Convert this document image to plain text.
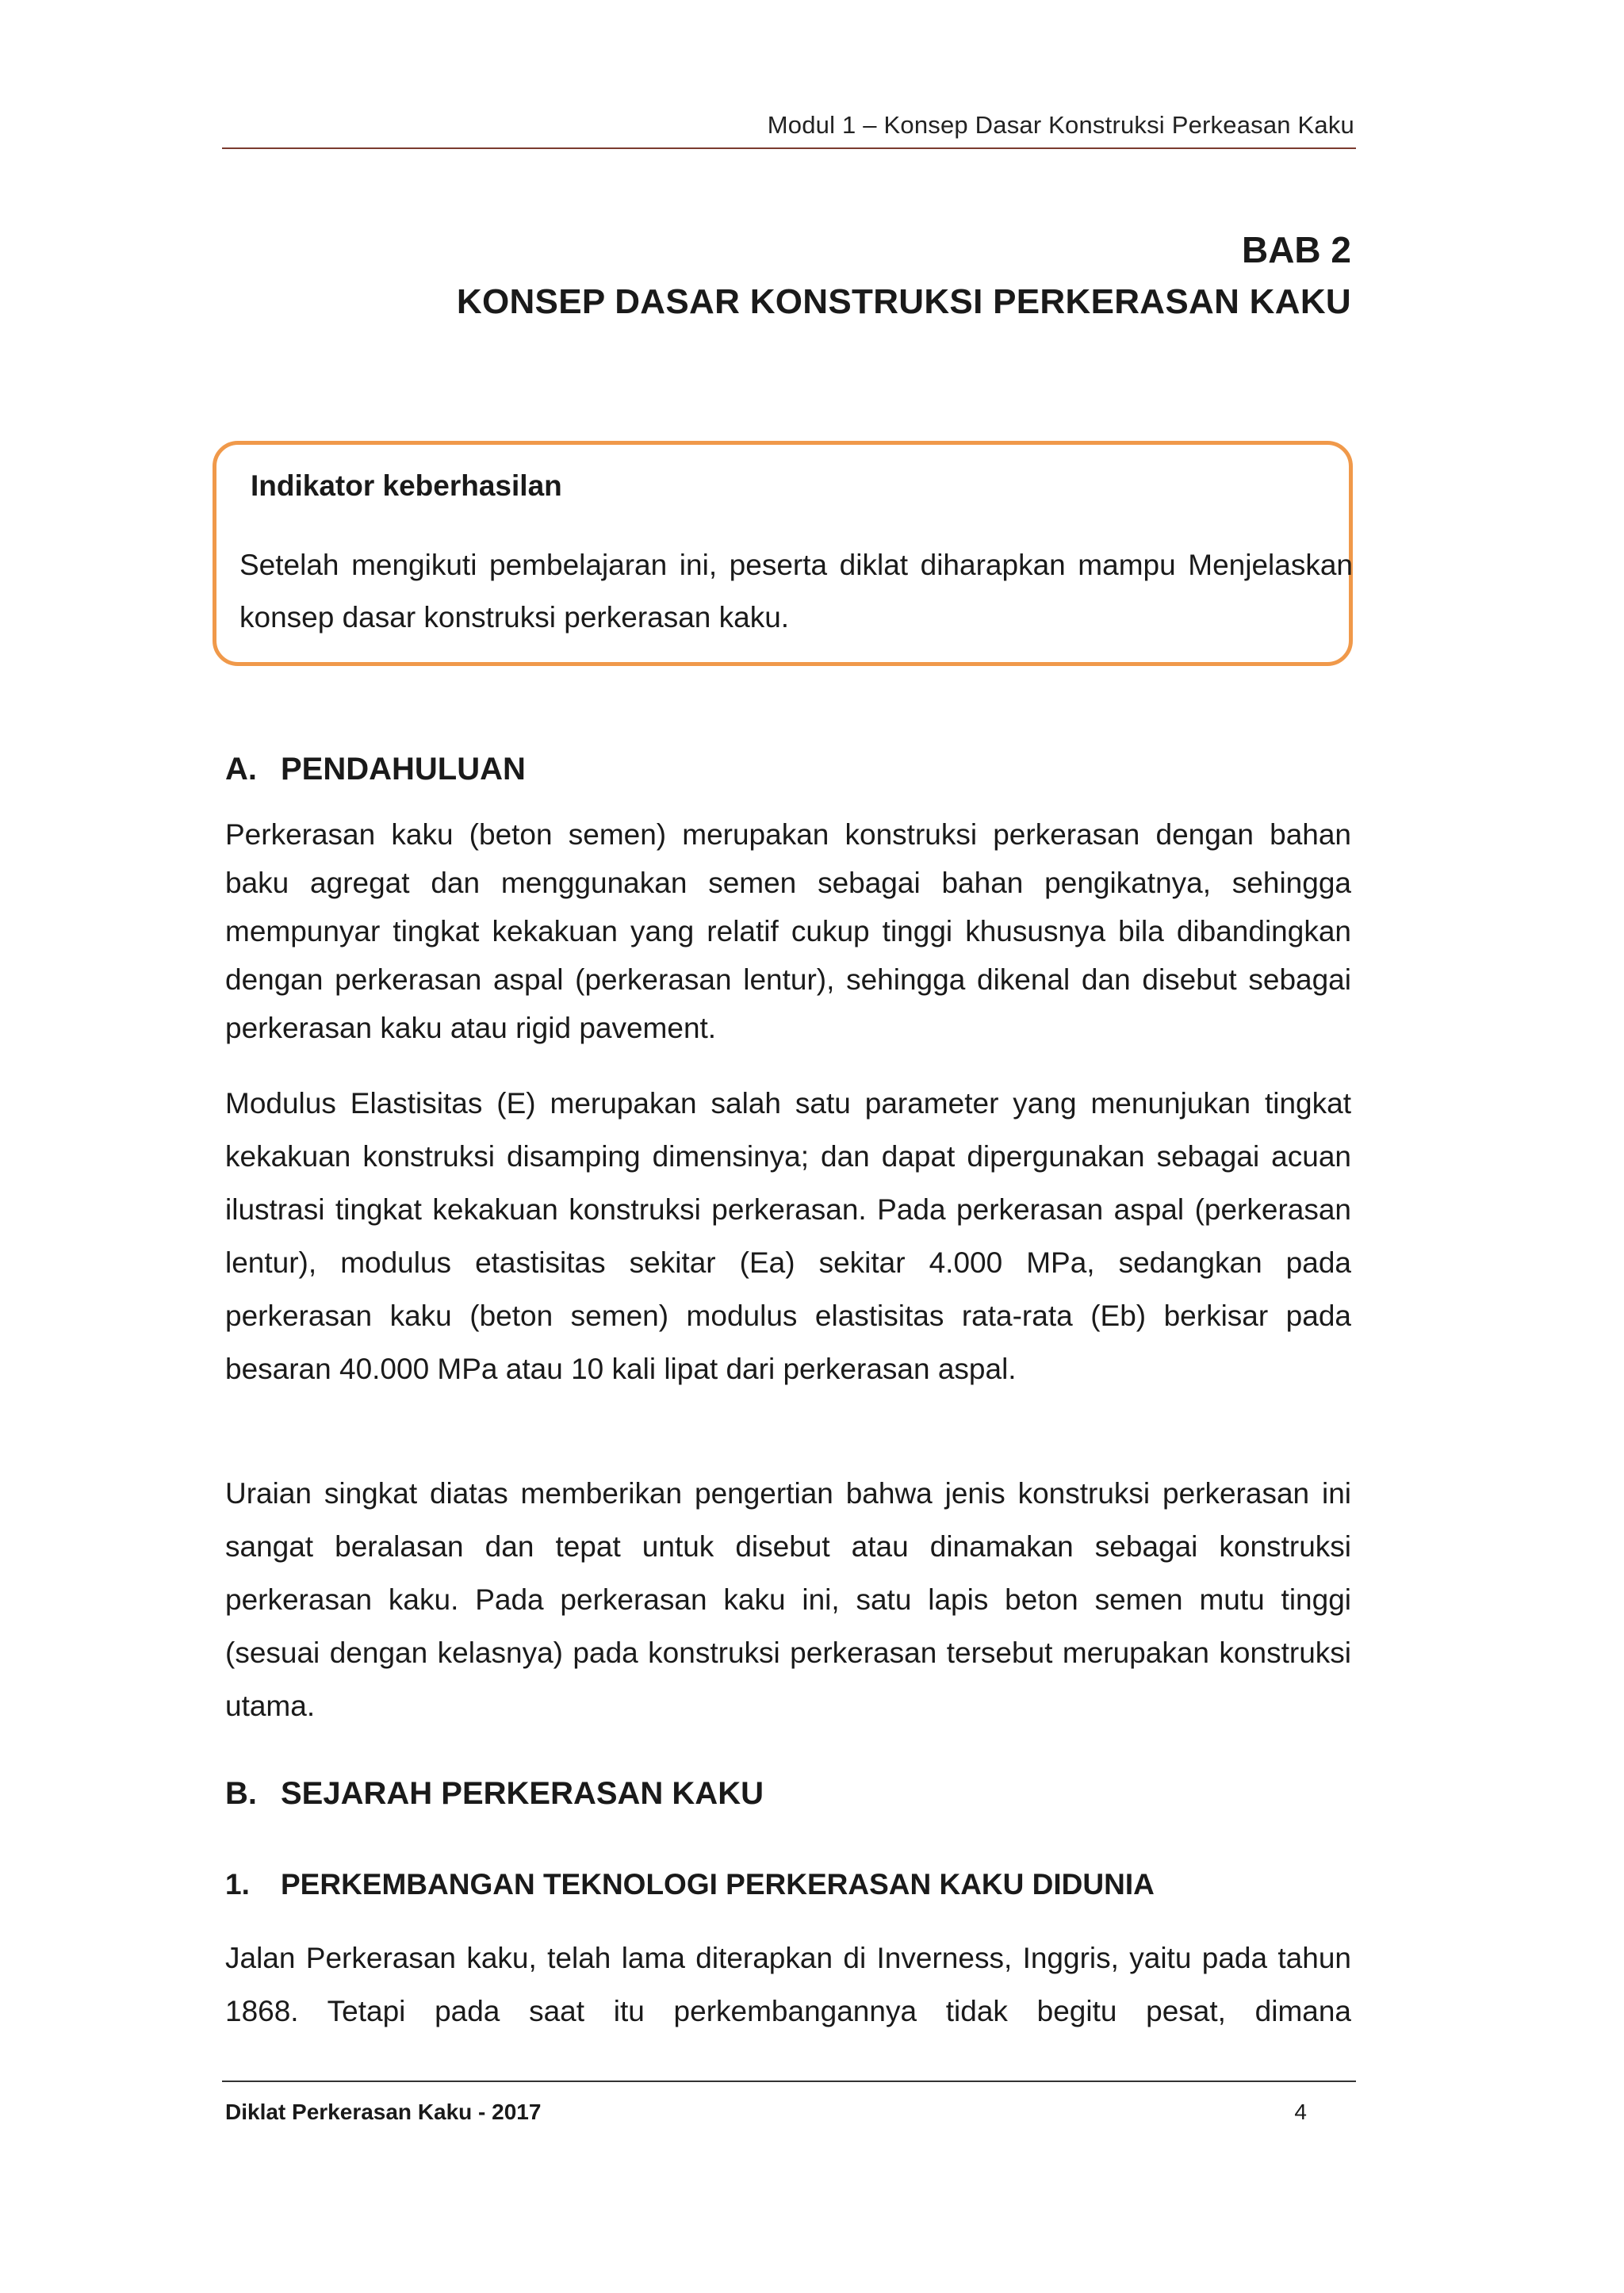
Modul 1 – Konsep Dasar Konstruksi Perkeasan Kaku
BAB 2
KONSEP DASAR KONSTRUKSI PERKERASAN KAKU
Indikator keberhasilan
Setelah mengikuti pembelajaran ini, peserta diklat diharapkan mampu Menjelaskan konsep dasar konstruksi perkerasan kaku.
A. PENDAHULUAN
Perkerasan kaku (beton semen) merupakan konstruksi perkerasan dengan bahan baku agregat dan menggunakan semen sebagai bahan pengikatnya, sehingga mempunyar tingkat kekakuan yang relatif cukup tinggi khususnya bila dibandingkan dengan perkerasan aspal (perkerasan lentur), sehingga dikenal dan disebut sebagai perkerasan kaku atau rigid pavement.
Modulus Elastisitas (E) merupakan salah satu parameter yang menunjukan tingkat kekakuan konstruksi disamping dimensinya; dan dapat dipergunakan sebagai acuan ilustrasi tingkat kekakuan konstruksi perkerasan. Pada perkerasan aspal (perkerasan lentur), modulus etastisitas sekitar (Ea) sekitar 4.000 MPa, sedangkan pada perkerasan kaku (beton semen) modulus elastisitas rata-rata (Eb) berkisar pada besaran 40.000 MPa atau 10 kali lipat dari perkerasan aspal.
Uraian singkat diatas memberikan pengertian bahwa jenis konstruksi perkerasan ini sangat beralasan dan tepat untuk disebut atau dinamakan sebagai konstruksi perkerasan kaku. Pada perkerasan kaku ini, satu lapis beton semen mutu tinggi (sesuai dengan kelasnya) pada konstruksi perkerasan tersebut merupakan konstruksi utama.
B. SEJARAH PERKERASAN KAKU
1. PERKEMBANGAN TEKNOLOGI PERKERASAN KAKU DIDUNIA
Jalan Perkerasan kaku, telah lama diterapkan di Inverness, Inggris, yaitu pada tahun 1868. Tetapi pada saat itu perkembangannya tidak begitu pesat, dimana
Diklat Perkerasan Kaku - 2017	4
